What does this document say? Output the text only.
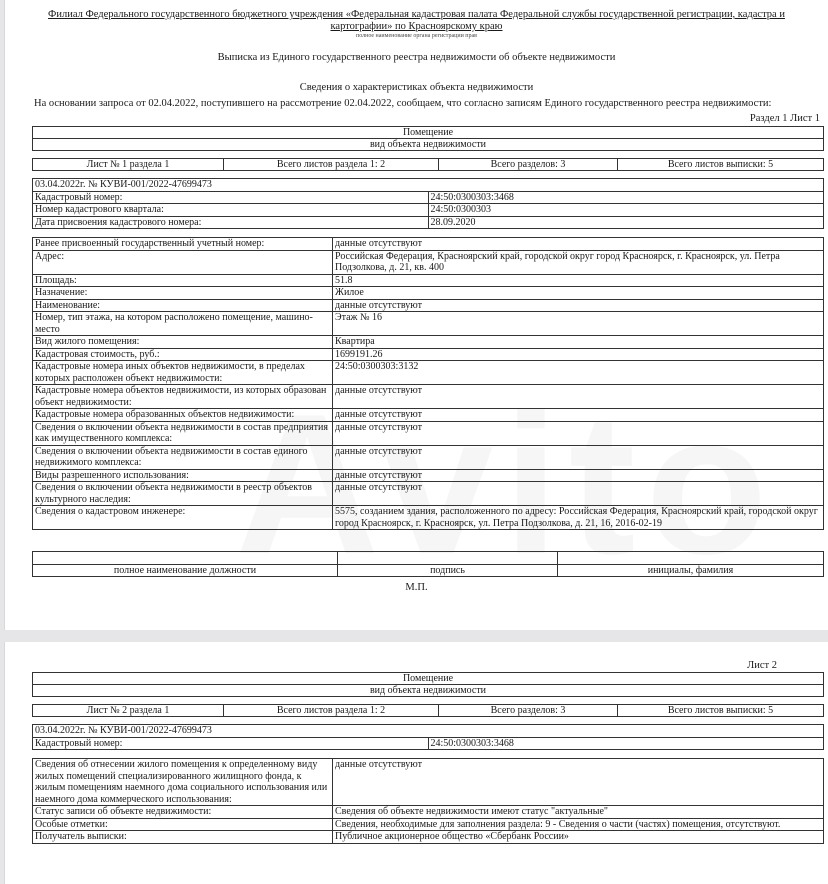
Филиал Федерального государственного бюджетного учреждения «Федеральная кадастровая палата Федеральной службы государственной регистрации, кадастра и картографии» по Красноярскому краю
полное наименование органа регистрации прав
Выписка из Единого государственного реестра недвижимости об объекте недвижимости
Сведения о характеристиках объекта недвижимости
На основании запроса от 02.04.2022, поступившего на рассмотрение 02.04.2022, сообщаем, что согласно записям Единого государственного реестра недвижимости:
Раздел 1 Лист 1
Помещение
вид объекта недвижимости
Лист № 1 раздела 1	Всего листов раздела 1: 2	Всего разделов: 3	Всего листов выписки: 5
03.04.2022г. № КУВИ-001/2022-47699473	
Кадастровый номер:	24:50:0300303:3468
Номер кадастрового квартала:	24:50:0300303
Дата присвоения кадастрового номера:	28.09.2020
Ранее присвоенный государственный учетный номер:	данные отсутствуют
Адрес:	Российская Федерация, Красноярский край, городской округ город Красноярск, г. Красноярск, ул. Петра Подзолкова, д. 21, кв. 400
Площадь:	51.8
Назначение:	Жилое
Наименование:	данные отсутствуют
Номер, тип этажа, на котором расположено помещение, машино-место	Этаж № 16
Вид жилого помещения:	Квартира
Кадастровая стоимость, руб.:	1699191.26
Кадастровые номера иных объектов недвижимости, в пределах которых расположен объект недвижимости:	24:50:0300303:3132
Кадастровые номера объектов недвижимости, из которых образован объект недвижимости:	данные отсутствуют
Кадастровые номера образованных объектов недвижимости:	данные отсутствуют
Сведения о включении объекта недвижимости в состав предприятия как имущественного комплекса:	данные отсутствуют
Сведения о включении объекта недвижимости в состав единого недвижимого комплекса:	данные отсутствуют
Виды разрешенного использования:	данные отсутствуют
Сведения о включении объекта недвижимости в реестр объектов культурного наследия:	данные отсутствуют
Сведения о кадастровом инженере:	5575, созданием здания, расположенного по адресу: Российская Федерация, Красноярский край, городской округ город Красноярск, г. Красноярск, ул. Петра Подзолкова, д. 21, 16, 2016-02-19

полное наименование должности	подпись	инициалы, фамилия
М.П.
Лист 2
Помещение
вид объекта недвижимости
Лист № 2 раздела 1	Всего листов раздела 1: 2	Всего разделов: 3	Всего листов выписки: 5
03.04.2022г. № КУВИ-001/2022-47699473
Кадастровый номер:	24:50:0300303:3468
Сведения об отнесении жилого помещения к определенному виду жилых помещений специализированного жилищного фонда, к жилым помещениям наемного дома социального использования или наемного дома коммерческого использования:	данные отсутствуют
Статус записи об объекте недвижимости:	Сведения об объекте недвижимости имеют статус "актуальные"
Особые отметки:	Сведения, необходимые для заполнения раздела: 9 - Сведения о части (частях) помещения, отсутствуют.
Получатель выписки:	Публичное акционерное общество «Сбербанк России»
